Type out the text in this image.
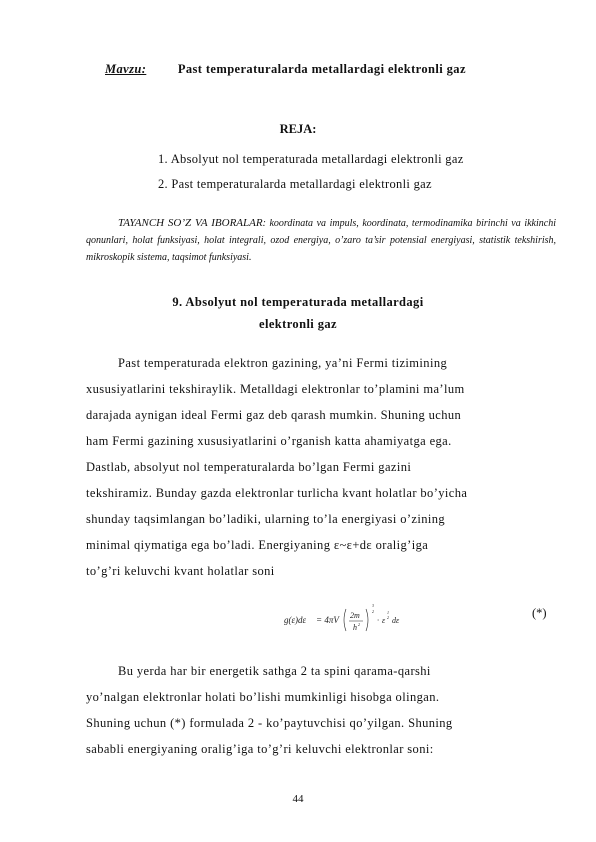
Mavzu:	Past temperaturalarda metallardagi elektronli gaz
REJA:
1. Absolyut nol temperaturada metallardagi elektronli gaz
2. Past temperaturalarda metallardagi elektronli gaz
TAYANCH SO’Z VA IBORALAR: koordinata va impuls, koordinata, termodinamika birinchi va ikkinchi qonunlari, holat funksiyasi, holat integrali, ozod energiya, o’zaro ta’sir potensial energiyasi, statistik tekshirish, mikroskopik sistema, taqsimot funksiyasi.
9. Absolyut nol temperaturada metallardagi
elektronli gaz
Past temperaturada elektron gazining, ya’ni Fermi tizimining
xususiyatlarini tekshiraylik. Metalldagi elektronlar to’plamini ma’lum
darajada aynigan ideal Fermi gaz deb qarash mumkin. Shuning uchun
ham Fermi gazining xususiyatlarini o’rganish katta ahamiyatga ega.
Dastlab, absolyut nol temperaturalarda bo’lgan Fermi gazini
tekshiramiz. Bunday gazda elektronlar turlicha kvant holatlar bo’yicha
shunday taqsimlangan bo’ladiki, ularning to’la energiyasi o’zining
minimal qiymatiga ega bo’ladi. Energiyaning ε~ε+dε oralig’iga
to’g’ri keluvchi kvant holatlar soni
g(ε)dε = 4πV 2m
h 2
3
2
· ε
1
2 dε
(*)
Bu yerda har bir energetik sathga 2 ta spini qarama-qarshi
yo’nalgan elektronlar holati bo’lishi mumkinligi hisobga olingan.
Shuning uchun (*) formulada 2 - ko’paytuvchisi qo’yilgan. Shuning
sababli energiyaning oralig’iga to’g’ri keluvchi elektronlar soni:
44
